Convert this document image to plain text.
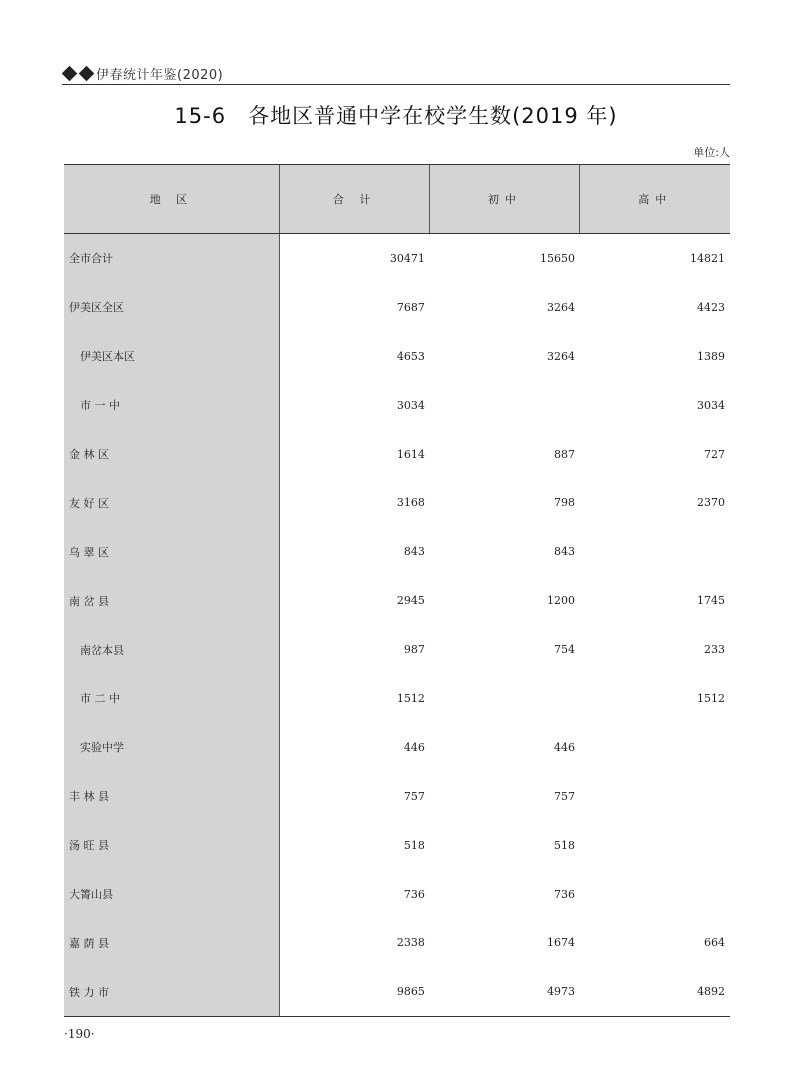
伊春统计年鉴(2020)
15-6　各地区普通中学在校学生数(2019 年)
单位:人
地 区	合 计	初中	高中
全市合计	30471	15650	14821
伊美区全区	7687	3264	4423
伊美区本区	4653	3264	1389
市 一 中	3034		3034
金 林 区	1614	887	727
友 好 区	3168	798	2370
乌 翠 区	843	843	
南 岔 县	2945	1200	1745
南岔本县	987	754	233
市 二 中	1512		1512
实验中学	446	446	
丰 林 县	757	757	
汤 旺 县	518	518	
大箐山县	736	736	
嘉 荫 县	2338	1674	664
铁 力 市	9865	4973	4892
·190·
